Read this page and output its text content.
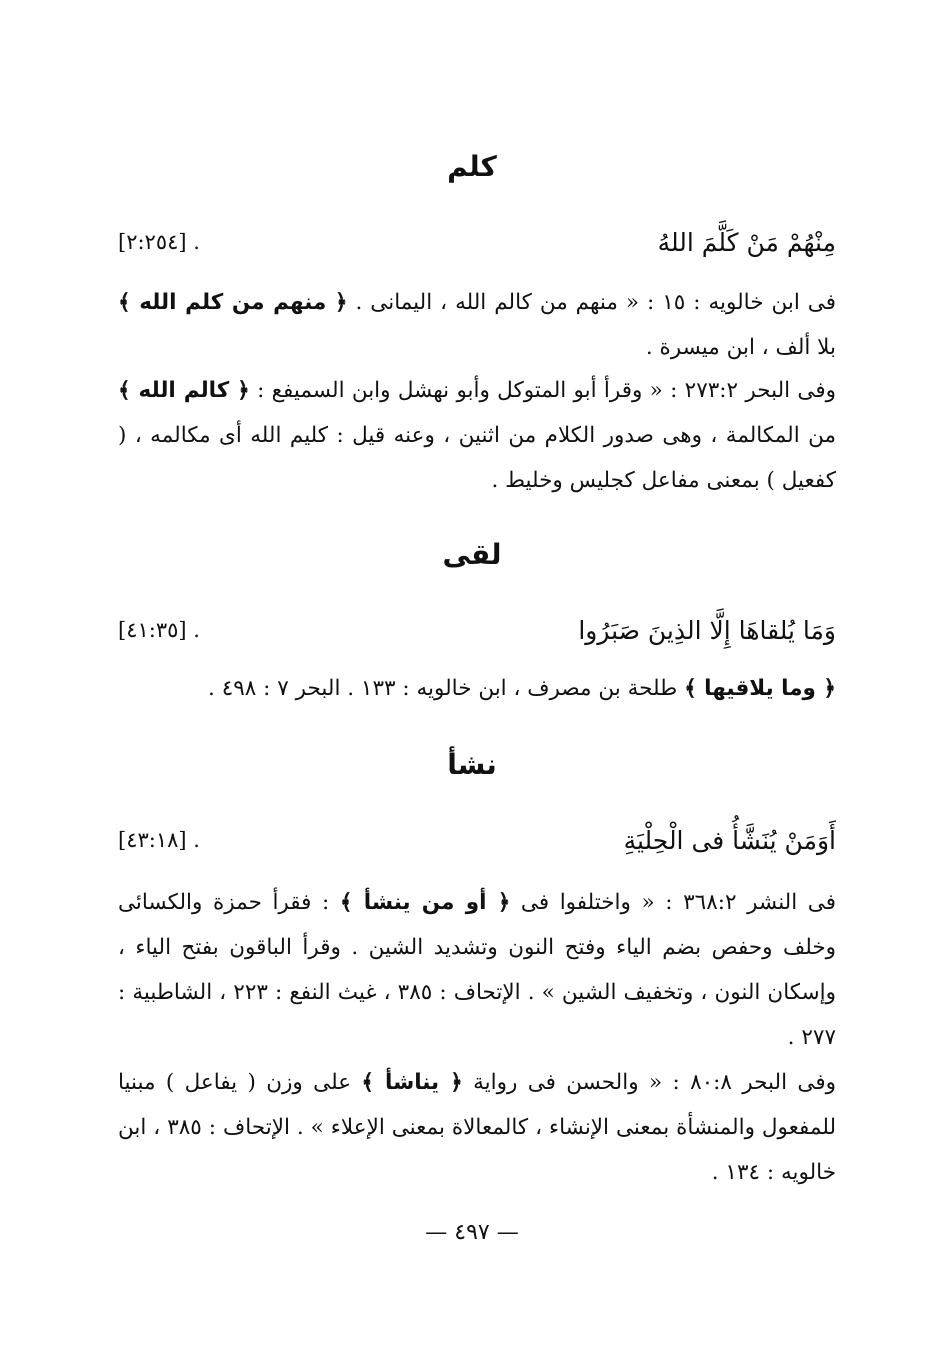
كلم
مِنْهُمْ مَنْ كَلَّمَ اللهُ
[٢:٢٥٤] .
فى ابن خالويه : ١٥ : « منهم من كالم الله ، اليمانى . ﴿ منهم من كلم الله ﴾ بلا ألف ، ابن ميسرة .
وفى البحر ٢٧٣:٢ : « وقرأ أبو المتوكل وأبو نهشل وابن السميفع : ﴿ كالم الله ﴾ من المكالمة ، وهى صدور الكلام من اثنين ، وعنه قيل : كليم الله أى مكالمه ، ( كفعيل ) بمعنى مفاعل كجليس وخليط .
لقى
وَمَا يُلقاهَا إِلَّا الذِينَ صَبَرُوا
[٤١:٣٥] .
﴿ وما يلاقيها ﴾ طلحة بن مصرف ، ابن خالويه : ١٣٣ . البحر ٧ : ٤٩٨ .
نشأ
أَوَمَنْ يُنَشَّأُ فى الْحِلْيَةِ
[٤٣:١٨] .
فى النشر ٣٦٨:٢ : « واختلفوا فى ﴿ أو من ينشأ ﴾ : فقرأ حمزة والكسائى وخلف وحفص بضم الياء وفتح النون وتشديد الشين . وقرأ الباقون بفتح الياء ، وإسكان النون ، وتخفيف الشين » . الإتحاف : ٣٨٥ ، غيث النفع : ٢٢٣ ، الشاطبية : ٢٧٧ .
وفى البحر ٨٠:٨ : « والحسن فى رواية ﴿ يناشأ ﴾ على وزن ( يفاعل ) مبنيا للمفعول والمنشأة بمعنى الإنشاء ، كالمعالاة بمعنى الإعلاء » . الإتحاف : ٣٨٥ ، ابن خالويه : ١٣٤ .
— ٤٩٧ —
